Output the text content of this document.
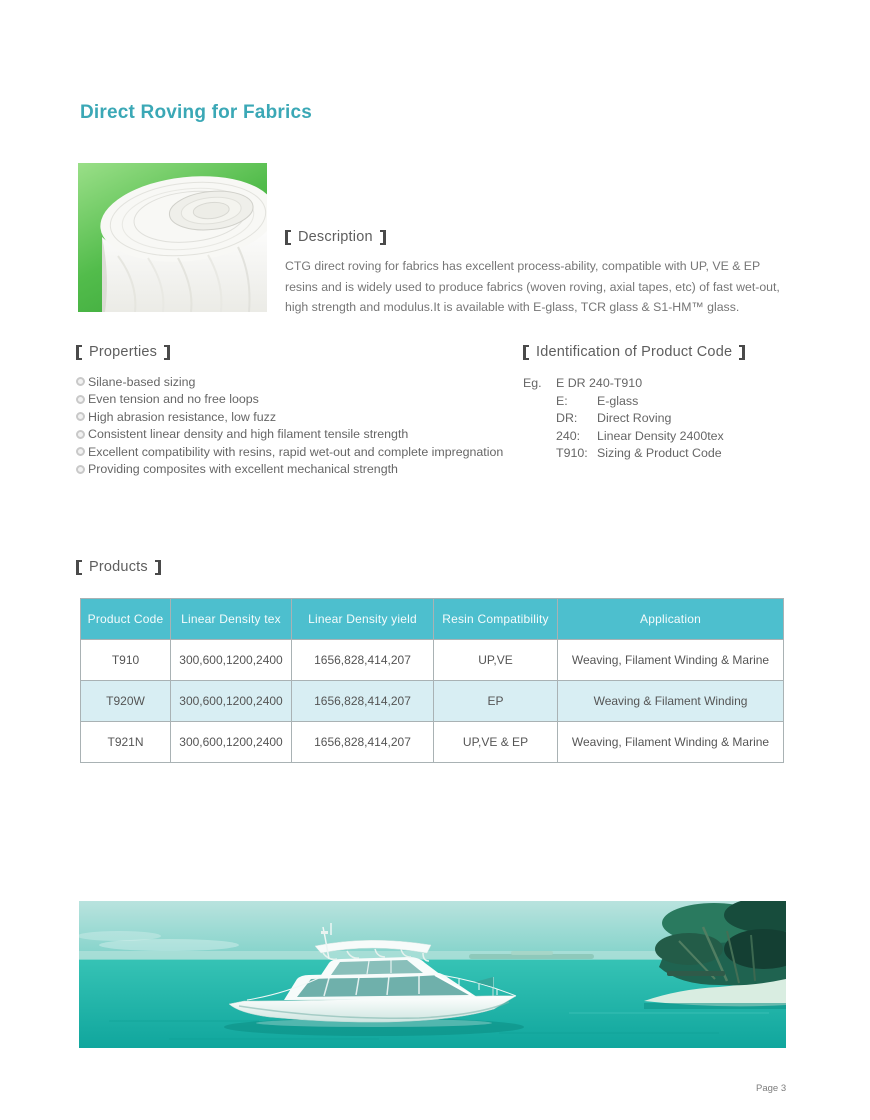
Direct Roving for Fabrics
Description
CTG direct roving for fabrics has excellent process-ability, compatible with UP, VE & EP
resins and is widely used to produce fabrics (woven roving, axial tapes, etc) of fast wet-out,
high strength and modulus.It is available with E-glass, TCR glass & S1-HM™ glass.
Properties
Silane-based sizing
Even tension and no free loops
High abrasion resistance, low fuzz
Consistent linear density and high filament tensile strength
Excellent compatibility with resins, rapid wet-out and complete impregnation
Providing composites with excellent mechanical strength
Identification of Product Code
Eg.	E DR 240-T910
E:	E-glass
DR:	Direct Roving
240:	Linear Density 2400tex
T910: Sizing & Product Code
Products
Product Code	Linear Density tex	Linear Density yield	Resin Compatibility	Application
T910	300,600,1200,2400	1656,828,414,207	UP,VE	Weaving, Filament Winding & Marine
T920W	300,600,1200,2400	1656,828,414,207	EP	Weaving & Filament Winding
T921N	300,600,1200,2400	1656,828,414,207	UP,VE & EP	Weaving, Filament Winding & Marine
Page 3
